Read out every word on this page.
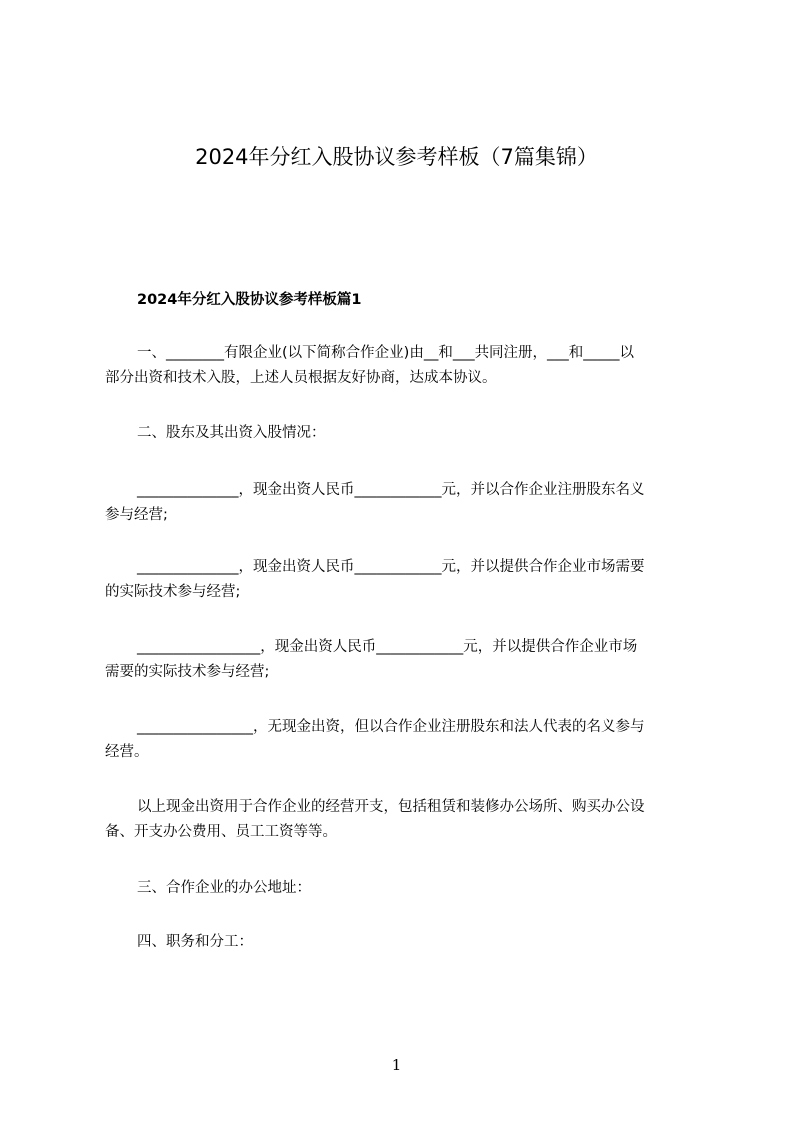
2024年分红入股协议参考样板（7篇集锦）
2024年分红入股协议参考样板篇1

一、________有限企业(以下简称合作企业)由__和___共同注册，___和_____以
部分出资和技术入股，上述人员根据友好协商，达成本协议。

二、股东及其出资入股情况：

______________，现金出资人民币____________元，并以合作企业注册股东名义
参与经营;

______________，现金出资人民币____________元，并以提供合作企业市场需要
的实际技术参与经营;

_________________，现金出资人民币____________元，并以提供合作企业市场
需要的实际技术参与经营;

________________，无现金出资，但以合作企业注册股东和法人代表的名义参与
经营。

以上现金出资用于合作企业的经营开支，包括租赁和装修办公场所、购买办公设
备、开支办公费用、员工工资等等。

三、合作企业的办公地址：

四、职务和分工：

1
